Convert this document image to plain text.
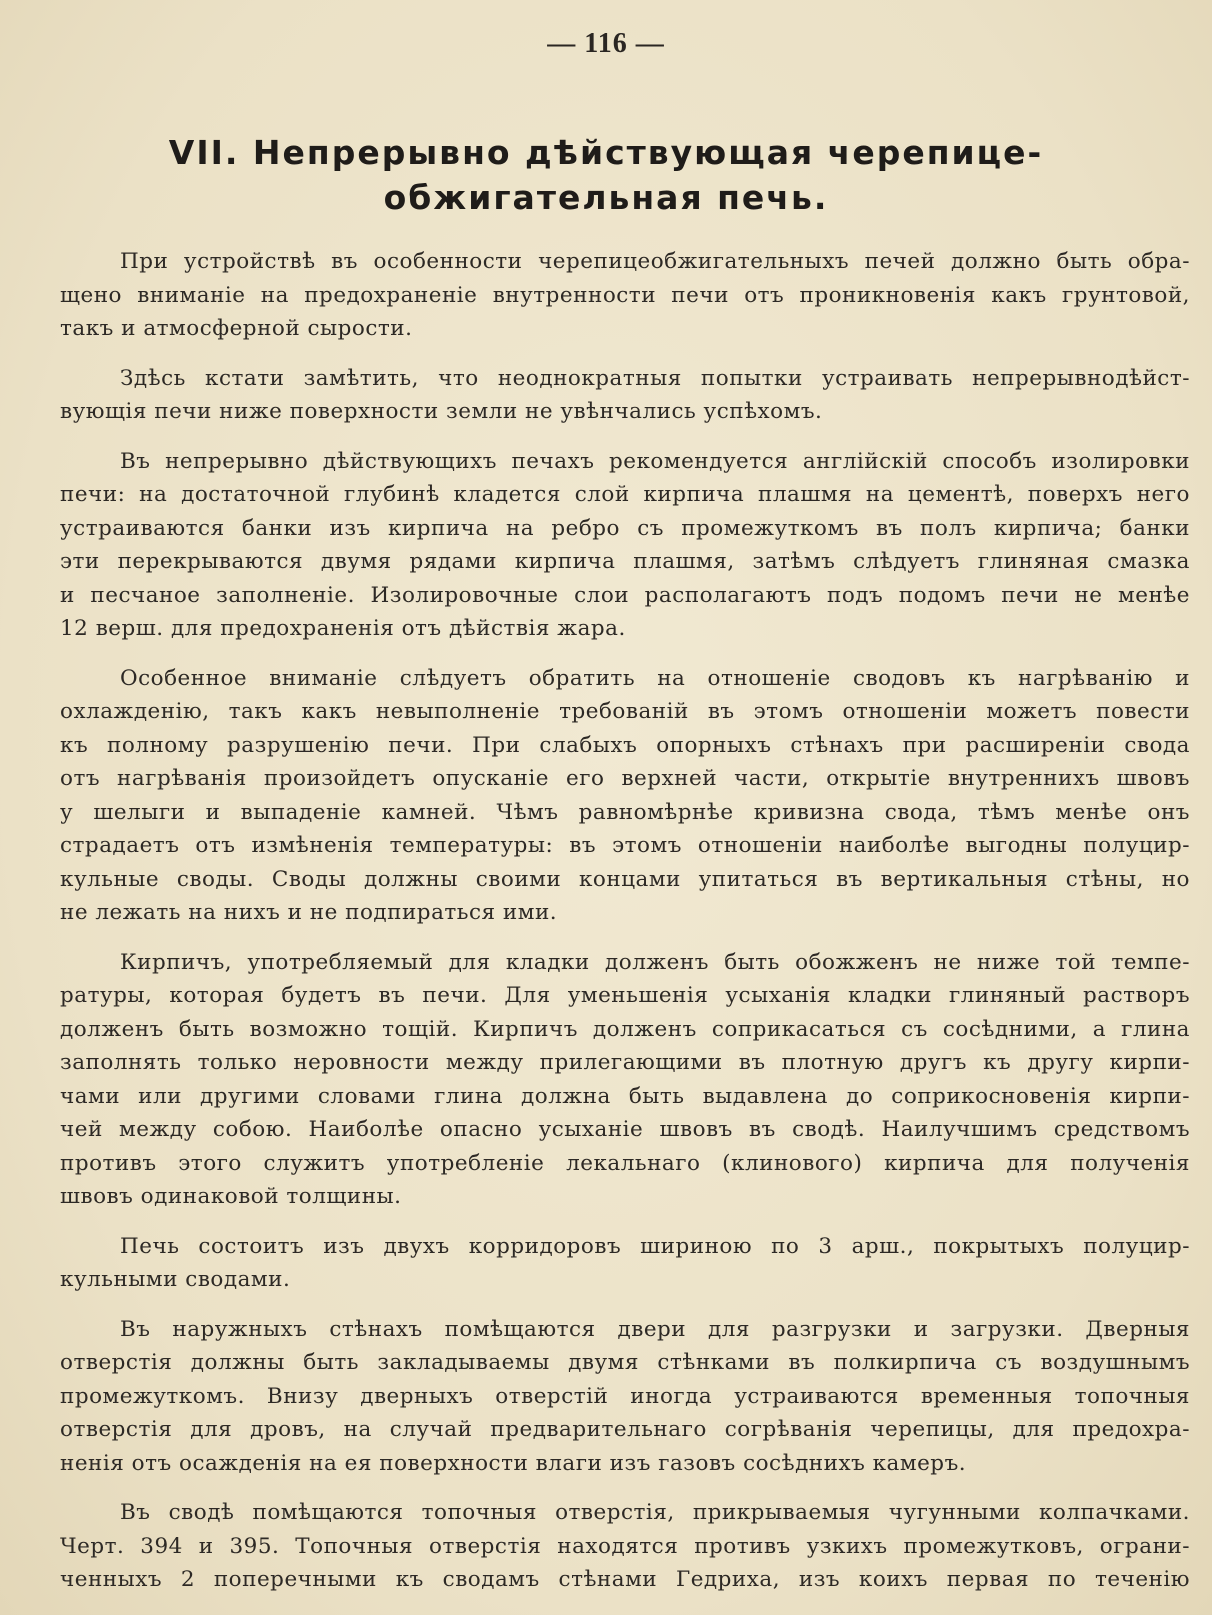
— 116 —
VII. Непрерывно дѣйствующая черепице-
обжигательная печь.
При устройствѣ въ особенности черепицеобжигательныхъ печей должно быть обра-
щено вниманіе на предохраненіе внутренности печи отъ проникновенія какъ грунтовой,
такъ и атмосферной сырости.
Здѣсь кстати замѣтить, что неоднократныя попытки устраивать непрерывнодѣйст-
вующія печи ниже поверхности земли не увѣнчались успѣхомъ.
Въ непрерывно дѣйствующихъ печахъ рекомендуется англійскій способъ изолировки
печи: на достаточной глубинѣ кладется слой кирпича плашмя на цементѣ, поверхъ него
устраиваются банки изъ кирпича на ребро съ промежуткомъ въ полъ кирпича; банки
эти перекрываются двумя рядами кирпича плашмя, затѣмъ слѣдуетъ глиняная смазка
и песчаное заполненіе. Изолировочные слои располагаютъ подъ подомъ печи не менѣе
12 верш. для предохраненія отъ дѣйствія жара.
Особенное вниманіе слѣдуетъ обратить на отношеніе сводовъ къ нагрѣванію и
охлажденію, такъ какъ невыполненіе требованій въ этомъ отношеніи можетъ повести
къ полному разрушенію печи. При слабыхъ опорныхъ стѣнахъ при расширеніи свода
отъ нагрѣванія произойдетъ опусканіе его верхней части, открытіе внутреннихъ швовъ
у шелыги и выпаденіе камней. Чѣмъ равномѣрнѣе кривизна свода, тѣмъ менѣе онъ
страдаетъ отъ измѣненія температуры: въ этомъ отношеніи наиболѣе выгодны полуцир-
кульные своды. Своды должны своими концами упитаться въ вертикальныя стѣны, но
не лежать на нихъ и не подпираться ими.
Кирпичъ, употребляемый для кладки долженъ быть обожженъ не ниже той темпе-
ратуры, которая будетъ въ печи. Для уменьшенія усыханія кладки глиняный растворъ
долженъ быть возможно тощій. Кирпичъ долженъ соприкасаться съ сосѣдними, а глина
заполнять только неровности между прилегающими въ плотную другъ къ другу кирпи-
чами или другими словами глина должна быть выдавлена до соприкосновенія кирпи-
чей между собою. Наиболѣе опасно усыханіе швовъ въ сводѣ. Наилучшимъ средствомъ
противъ этого служитъ употребленіе лекальнаго (клинового) кирпича для полученія
швовъ одинаковой толщины.
Печь состоитъ изъ двухъ корридоровъ шириною по 3 арш., покрытыхъ полуцир-
кульными сводами.
Въ наружныхъ стѣнахъ помѣщаются двери для разгрузки и загрузки. Дверныя
отверстія должны быть закладываемы двумя стѣнками въ полкирпича съ воздушнымъ
промежуткомъ. Внизу дверныхъ отверстій иногда устраиваются временныя топочныя
отверстія для дровъ, на случай предварительнаго согрѣванія черепицы, для предохра-
ненія отъ осажденія на ея поверхности влаги изъ газовъ сосѣднихъ камеръ.
Въ сводѣ помѣщаются топочныя отверстія, прикрываемыя чугунными колпачками.
Черт. 394 и 395. Топочныя отверстія находятся противъ узкихъ промежутковъ, ограни-
ченныхъ 2 поперечными къ сводамъ стѣнами Гедриха, изъ коихъ первая по теченію
